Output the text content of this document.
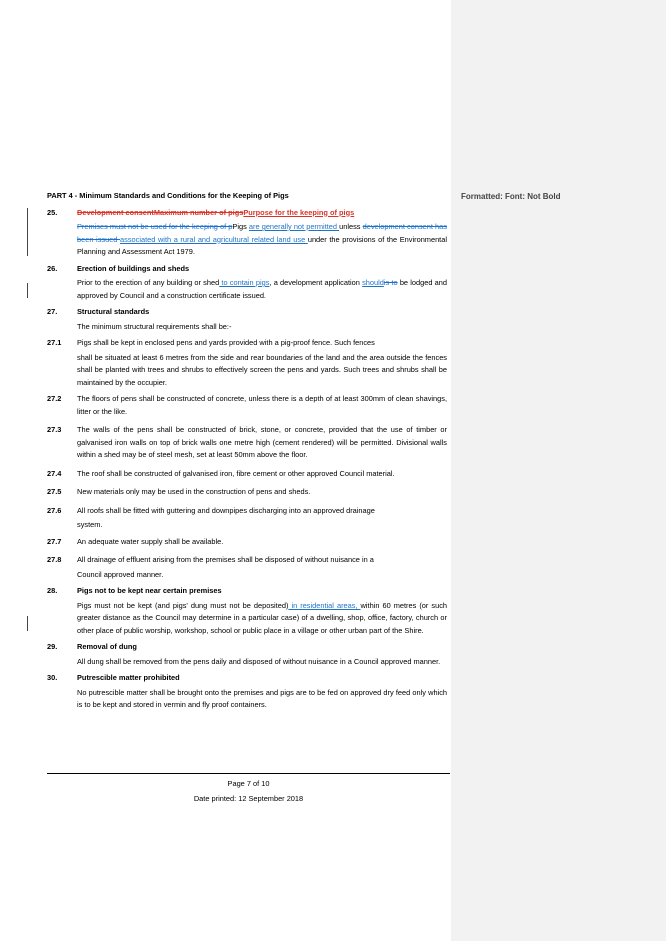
Formatted: Font: Not Bold
PART 4 - Minimum Standards and Conditions for the Keeping of Pigs
25.	Development consentMaximum number of pigsPurpose for the keeping of pigs
Premises must not be used for the keeping of pPigs are generally not permitted unless development consent has been issued associated with a rural and agricultural related land use under the provisions of the Environmental Planning and Assessment Act 1979.
26.	Erection of buildings and sheds
Prior to the erection of any building or shed to contain pigs, a development application shouldis to be lodged and approved by Council and a construction certificate issued.
27.	Structural standards
The minimum structural requirements shall be:-
27.1	Pigs shall be kept in enclosed pens and yards provided with a pig-proof fence. Such fences
shall be situated at least 6 metres from the side and rear boundaries of the land and the area outside the fences shall be planted with trees and shrubs to effectively screen the pens and yards. Such trees and shrubs shall be maintained by the occupier.
27.2	The floors of pens shall be constructed of concrete, unless there is a depth of at least 300mm of clean shavings, litter or the like.
27.3	The walls of the pens shall be constructed of brick, stone, or concrete, provided that the use of timber or galvanised iron walls on top of brick walls one metre high (cement rendered) will be permitted. Divisional walls within a shed may be of steel mesh, set at least 50mm above the floor.
27.4	The roof shall be constructed of galvanised iron, fibre cement or other approved Council material.
27.5	New materials only may be used in the construction of pens and sheds.
27.6	All roofs shall be fitted with guttering and downpipes discharging into an approved drainage
system.
27.7	An adequate water supply shall be available.
27.8	All drainage of effluent arising from the premises shall be disposed of without nuisance in a
Council approved manner.
28.	Pigs not to be kept near certain premises
Pigs must not be kept (and pigs' dung must not be deposited) in residential areas, within 60 metres (or such greater distance as the Council may determine in a particular case) of a dwelling, shop, office, factory, church or other place of public worship, workshop, school or public place in a village or other urban part of the Shire.
29.	Removal of dung
All dung shall be removed from the pens daily and disposed of without nuisance in a Council approved manner.
30.	Putrescible matter prohibited
No putrescible matter shall be brought onto the premises and pigs are to be fed on approved dry feed only which is to be kept and stored in vermin and fly proof containers.
Page 7 of 10
Date printed: 12 September 2018
